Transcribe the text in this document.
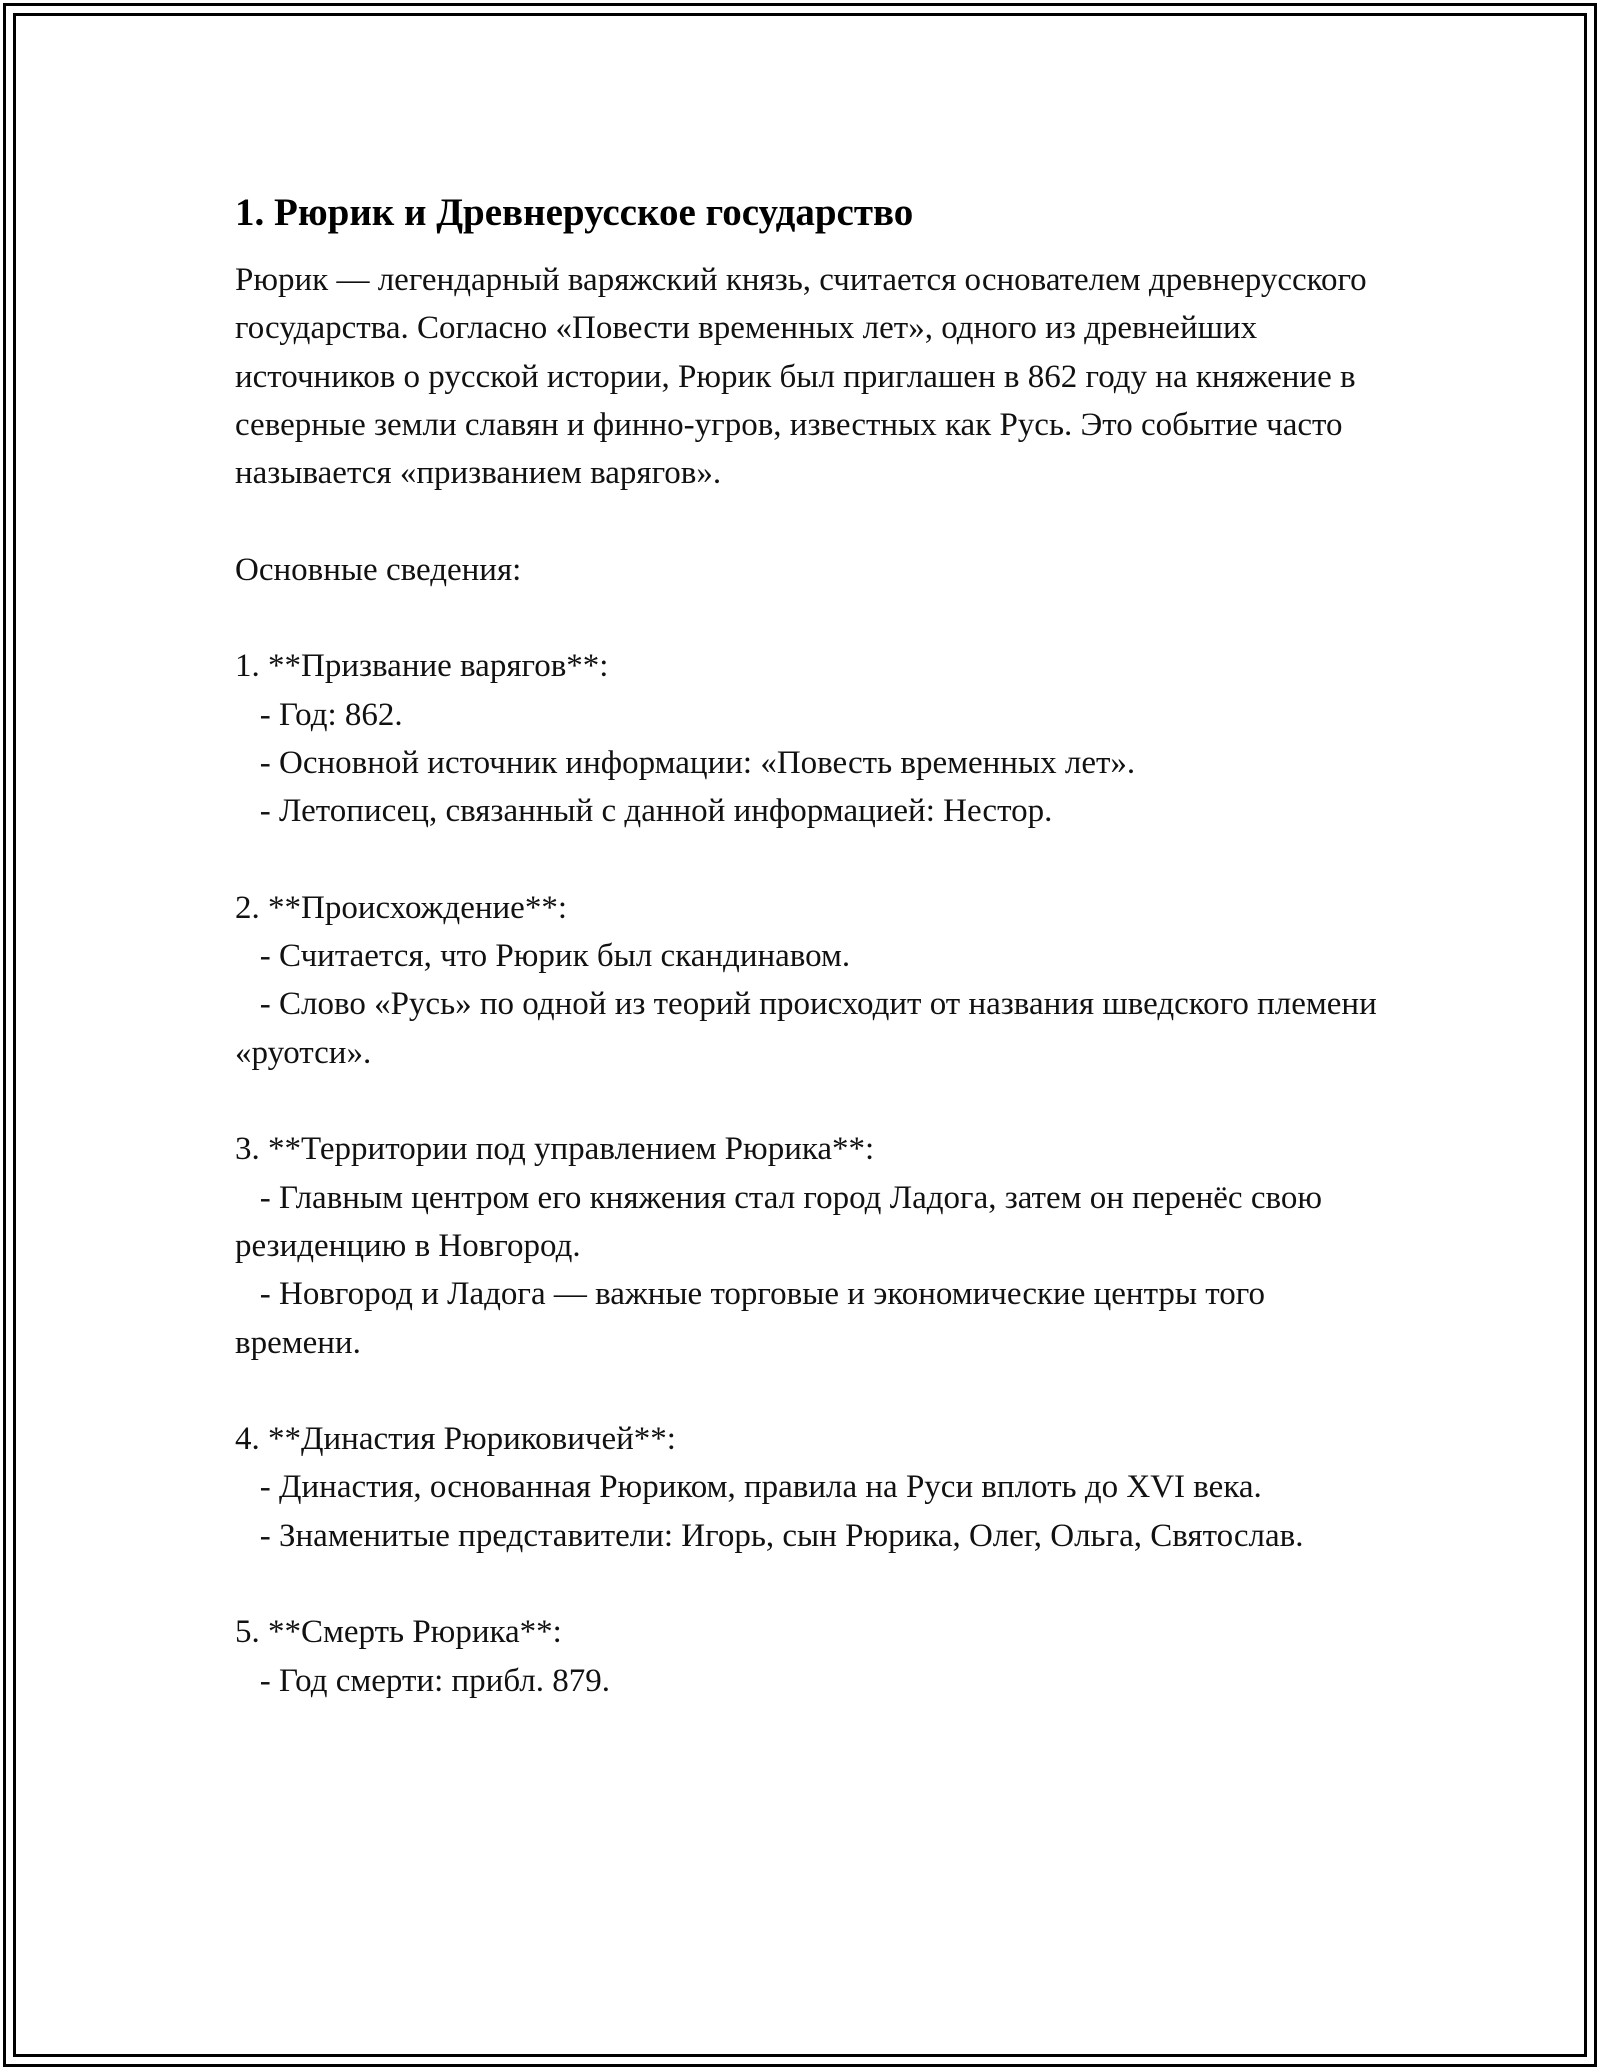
1. Рюрик и Древнерусское государство

Рюрик — легендарный варяжский князь, считается основателем древнерусского государства. Согласно «Повести временных лет», одного из древнейших источников о русской истории, Рюрик был приглашен в 862 году на княжение в северные земли славян и финно-угров, известных как Русь. Это событие часто называется «призванием варягов».

Основные сведения:

1. **Призвание варягов**:

- Год: 862.

- Основной источник информации: «Повесть временных лет».

- Летописец, связанный с данной информацией: Нестор.

2. **Происхождение**:

- Считается, что Рюрик был скандинавом.

- Слово «Русь» по одной из теорий происходит от названия шведского племени «руотси».

3. **Территории под управлением Рюрика**:

- Главным центром его княжения стал город Ладога, затем он перенёс свою резиденцию в Новгород.

- Новгород и Ладога — важные торговые и экономические центры того времени.

4. **Династия Рюриковичей**:

- Династия, основанная Рюриком, правила на Руси вплоть до XVI века.

- Знаменитые представители: Игорь, сын Рюрика, Олег, Ольга, Святослав.

5. **Смерть Рюрика**:

- Год смерти: прибл. 879.
